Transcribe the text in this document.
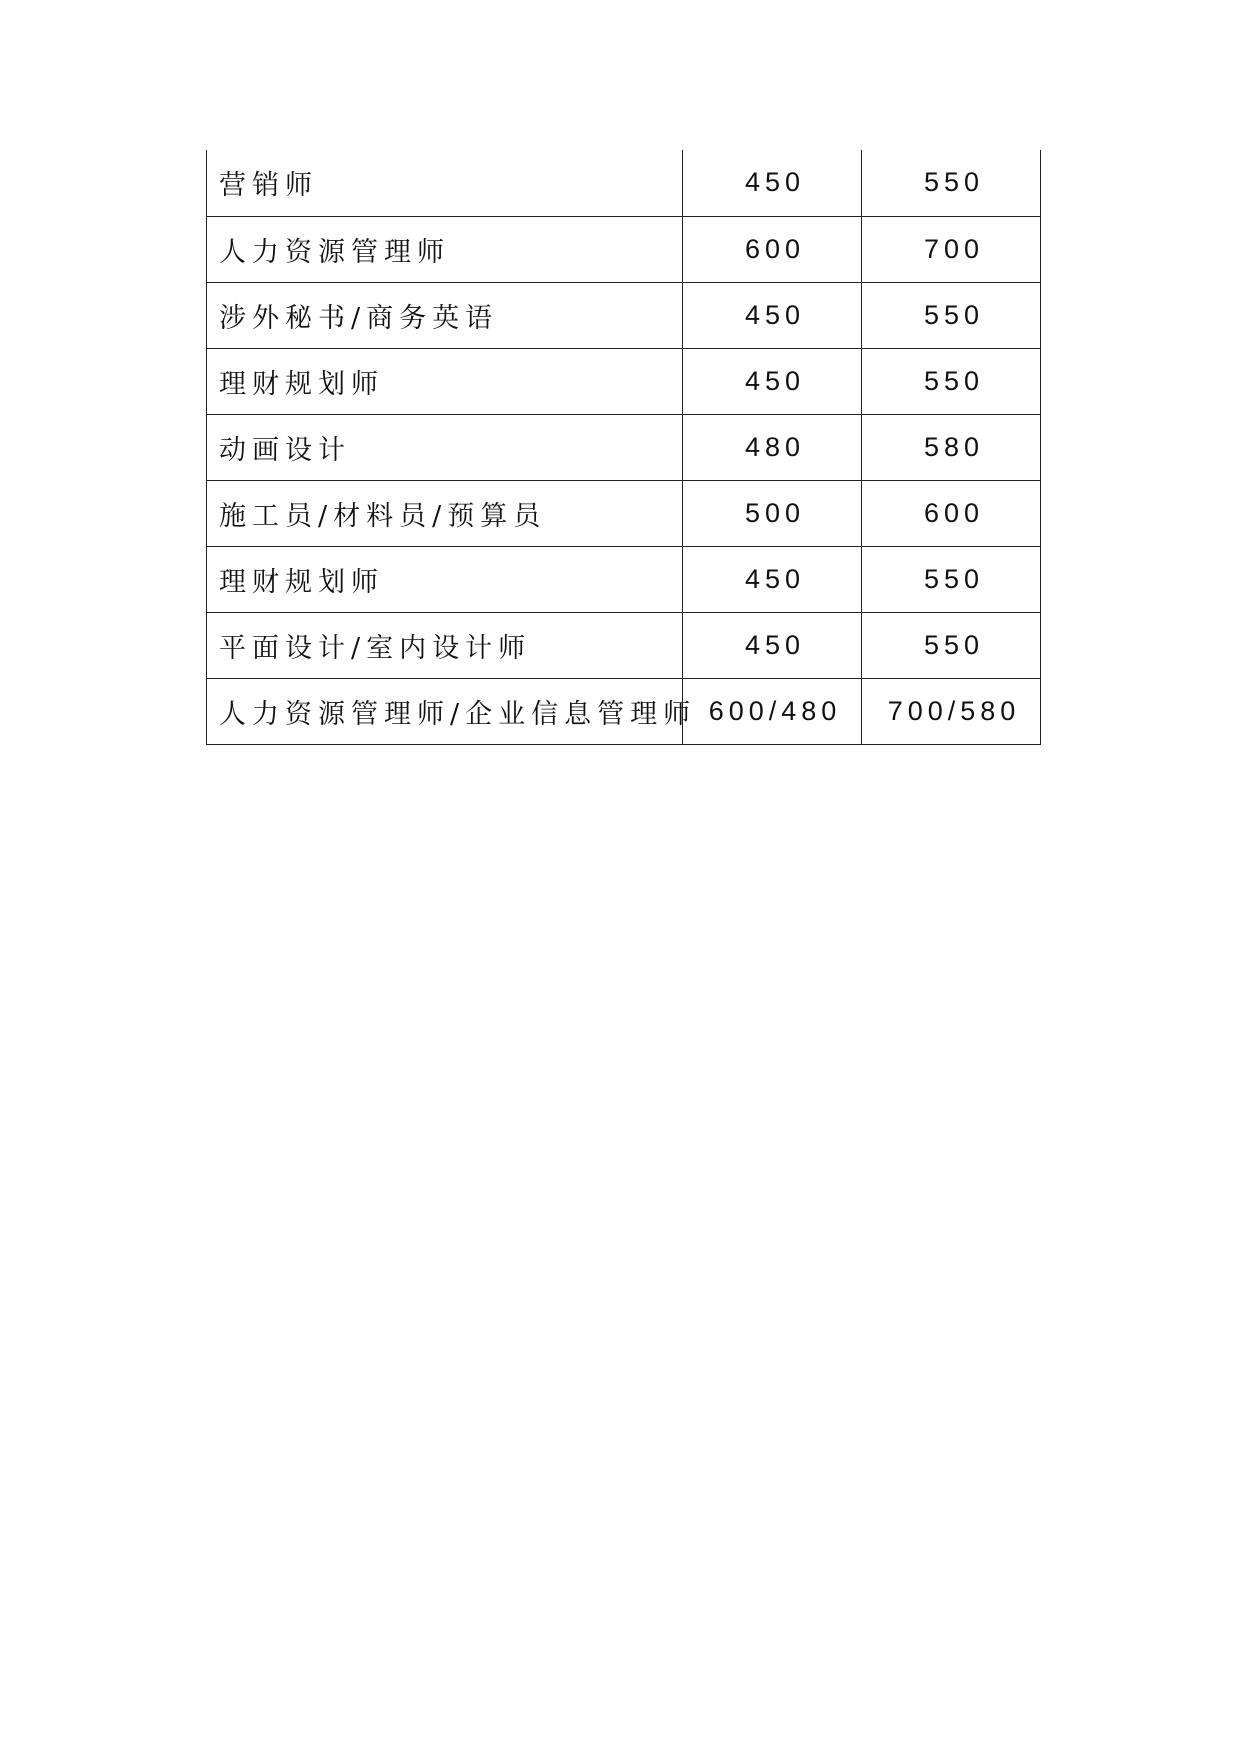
营销师	450	550
人力资源管理师	600	700
涉外秘书/商务英语	450	550
理财规划师	450	550
动画设计	480	580
施工员/材料员/预算员	500	600
理财规划师	450	550
平面设计/室内设计师	450	550
人力资源管理师/企业信息管理师	600/480	700/580
